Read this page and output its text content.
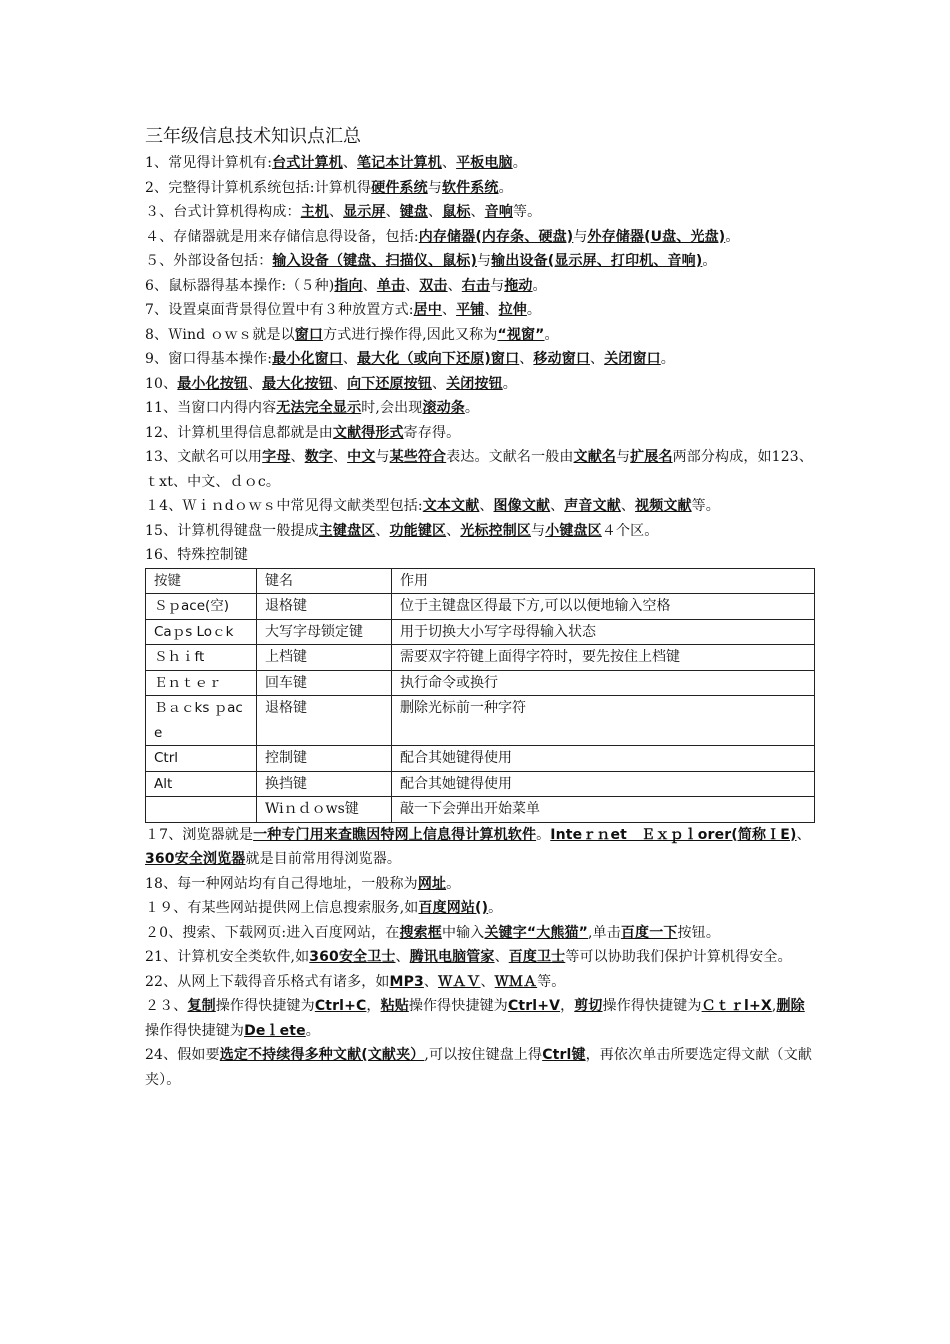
三年级信息技术知识点汇总

1、常见得计算机有:台式计算机、笔记本计算机、平板电脑。

2、完整得计算机系统包括:计算机得硬件系统与软件系统。

３、台式计算机得构成：主机、显示屏、键盘、鼠标、音响等。

４、存储器就是用来存储信息得设备，包括:内存储器(内存条、硬盘)与外存储器(U盘、光盘)。

５、外部设备包括：输入设备（键盘、扫描仪、鼠标)与输出设备(显示屏、打印机、音响)。

6、鼠标器得基本操作:（５种)指向、单击、双击、右击与拖动。

7、设置桌面背景得位置中有３种放置方式:居中、平铺、拉伸。

8、Ｗind ｏｗｓ就是以窗口方式进行操作得,因此又称为“视窗”。

9、窗口得基本操作:最小化窗口、最大化（或向下还原)窗口、移动窗口、关闭窗口。

10、最小化按钮、最大化按钮、向下还原按钮、关闭按钮。

11、当窗口内得内容无法完全显示时,会出现滚动条。

12、计算机里得信息都就是由文献得形式寄存得。

13、文献名可以用字母、数字、中文与某些符合表达。文献名一般由文献名与扩展名两部分构成，如123、ｔxt、中文、ｄｏc。

１4、Ｗｉｎdｏｗｓ中常见得文献类型包括:文本文献、图像文献、声音文献、视频文献等。

15、计算机得键盘一般提成主键盘区、功能键区、光标控制区与小键盘区４个区。

16、特殊控制键

按键	键名	作用
Ｓｐace(空)	退格键	位于主键盘区得最下方,可以以便地输入空格
Caｐs Loｃk	大写字母锁定键	用于切换大小写字母得输入状态
Ｓｈｉft	上档键	需要双字符键上面得字符时，要先按住上档键
Ｅｎｔｅｒ	回车键	执行命令或换行
Ｂａｃks ｐace	退格键	删除光标前一种字符
Ctrl	控制键	配合其她键得使用
Alt	换挡键	配合其她键得使用
	Wiｎｄｏws键	敲一下会弹出开始菜单

１7、浏览器就是一种专门用来查瞧因特网上信息得计算机软件。Inteｒｎet　Ｅｘｐｌorer(简称ＩE)、360安全浏览器就是目前常用得浏览器。

18、每一种网站均有自己得地址，一般称为网址。

１９、有某些网站提供网上信息搜索服务,如百度网站()。

２0、搜索、下载网页:进入百度网站，在搜索框中输入关键字“大熊猫”,单击百度一下按钮。

21、计算机安全类软件,如360安全卫士、腾讯电脑管家、百度卫士等可以协助我们保护计算机得安全。

22、从网上下载得音乐格式有诸多，如MP3、ＷＡＶ、ＷＭＡ等。

２３、复制操作得快捷键为Ctrl+C，粘贴操作得快捷键为Ctrl+V，剪切操作得快捷键为Ｃｔｒl+X,删除操作得快捷键为Deｌete。

24、假如要选定不持续得多种文献(文献夹）,可以按住键盘上得Ctrl键，再依次单击所要选定得文献（文献夹）。
